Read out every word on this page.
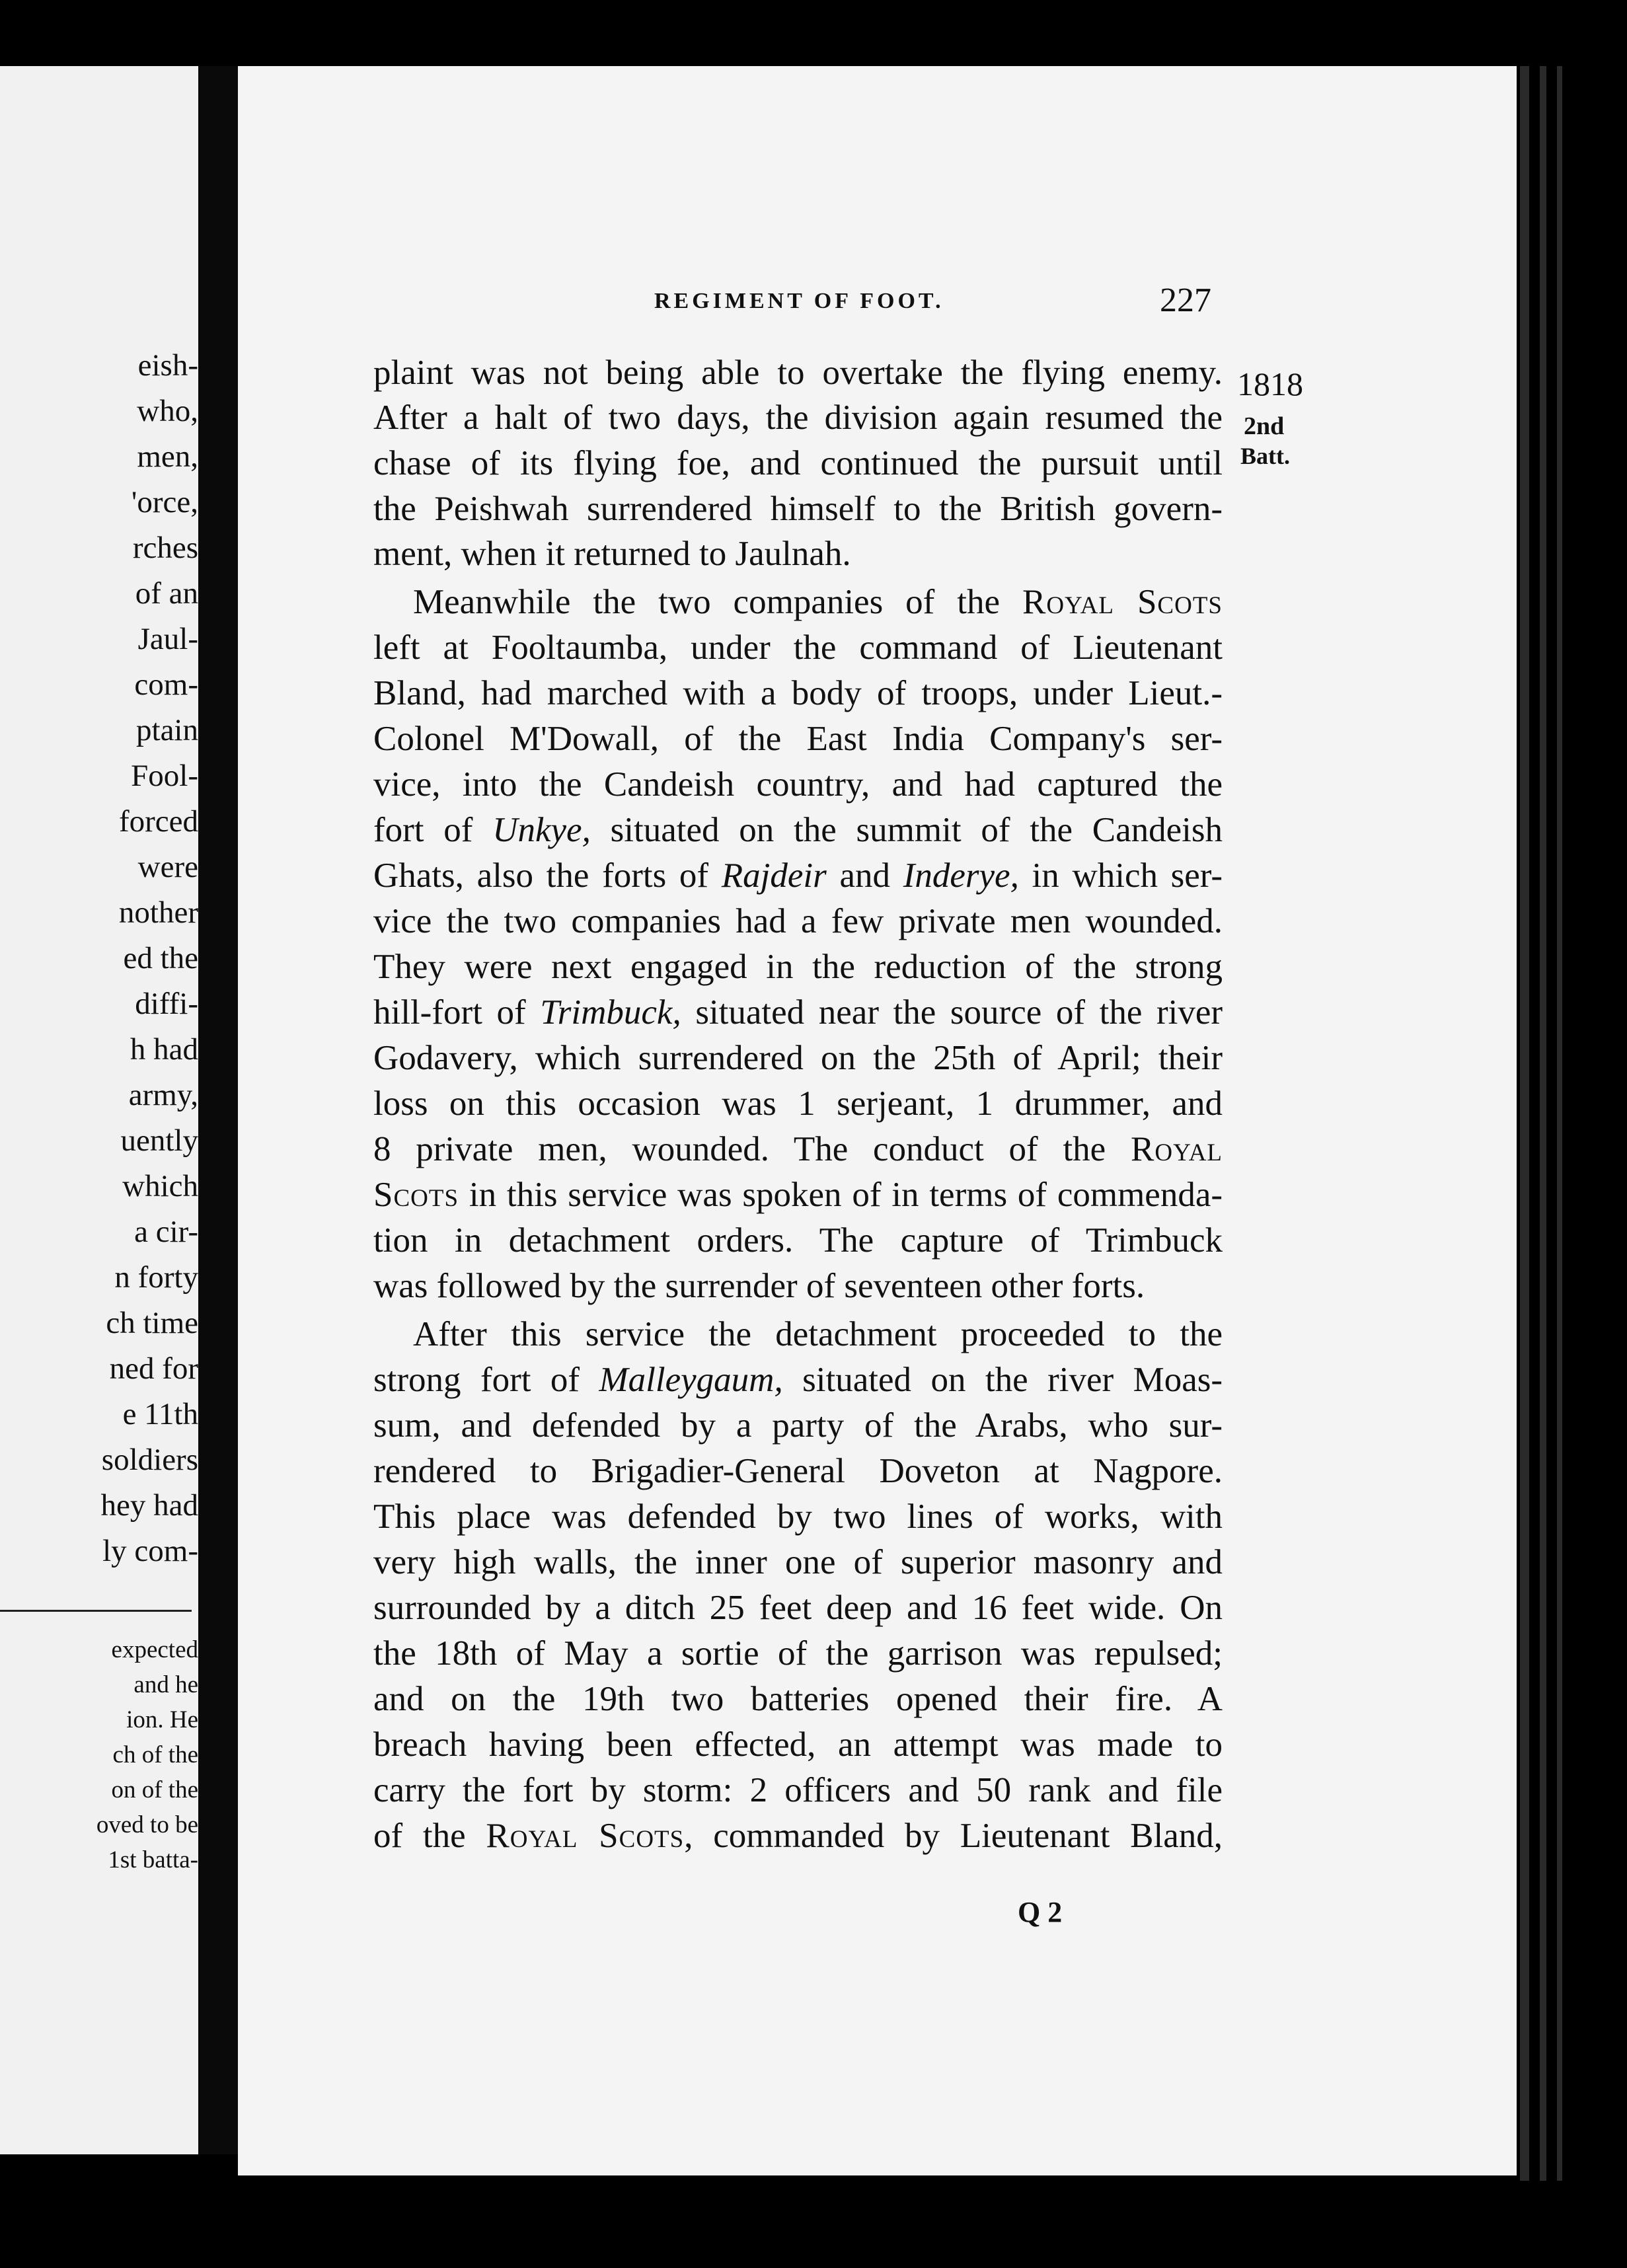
eish-
who,
men,
'orce,
rches
of an
Jaul-
com-
ptain
Fool-
forced
were
nother
ed the
diffi-
h had
army,
uently
which
a cir-
n forty
ch time
ned for
e 11th
soldiers
hey had
ly com-
expected
and he
ion. He
ch of the
on of the
oved to be
1st batta-
REGIMENT OF FOOT.	227
1818
2nd
Batt.
plaint was not being able to overtake the flying enemy.
After a halt of two days, the division again resumed the
chase of its flying foe, and continued the pursuit until
the Peishwah surrendered himself to the British govern-
ment, when it returned to Jaulnah.
Meanwhile the two companies of the Royal Scots
left at Fooltaumba, under the command of Lieutenant
Bland, had marched with a body of troops, under Lieut.-
Colonel M'Dowall, of the East India Company's ser-
vice, into the Candeish country, and had captured the
fort of Unkye, situated on the summit of the Candeish
Ghats, also the forts of Rajdeir and Inderye, in which ser-
vice the two companies had a few private men wounded.
They were next engaged in the reduction of the strong
hill-fort of Trimbuck, situated near the source of the river
Godavery, which surrendered on the 25th of April; their
loss on this occasion was 1 serjeant, 1 drummer, and
8 private men, wounded. The conduct of the Royal
Scots in this service was spoken of in terms of commenda-
tion in detachment orders. The capture of Trimbuck
was followed by the surrender of seventeen other forts.
After this service the detachment proceeded to the
strong fort of Malleygaum, situated on the river Moas-
sum, and defended by a party of the Arabs, who sur-
rendered to Brigadier-General Doveton at Nagpore.
This place was defended by two lines of works, with
very high walls, the inner one of superior masonry and
surrounded by a ditch 25 feet deep and 16 feet wide. On
the 18th of May a sortie of the garrison was repulsed;
and on the 19th two batteries opened their fire. A
breach having been effected, an attempt was made to
carry the fort by storm: 2 officers and 50 rank and file
of the Royal Scots, commanded by Lieutenant Bland,
Q 2
